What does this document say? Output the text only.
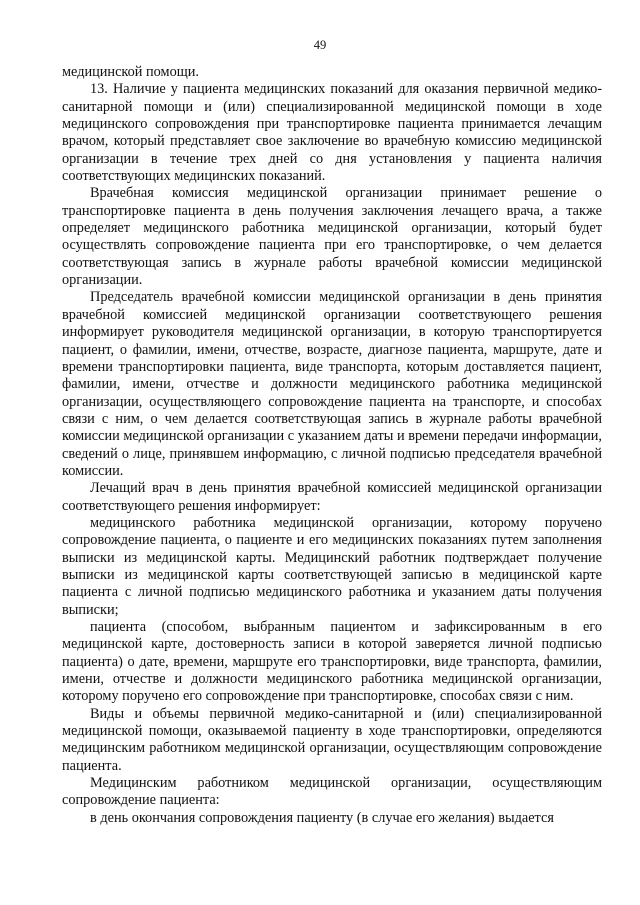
49

медицинской помощи.

13. Наличие у пациента медицинских показаний для оказания первичной медико-санитарной помощи и (или) специализированной медицинской помощи в ходе медицинского сопровождения при транспортировке пациента принимается лечащим врачом, который представляет свое заключение во врачебную комиссию медицинской организации в течение трех дней со дня установления у пациента наличия соответствующих медицинских показаний.

Врачебная комиссия медицинской организации принимает решение о транспортировке пациента в день получения заключения лечащего врача, а также определяет медицинского работника медицинской организации, который будет осуществлять сопровождение пациента при его транспортировке, о чем делается соответствующая запись в журнале работы врачебной комиссии медицинской организации.

Председатель врачебной комиссии медицинской организации в день принятия врачебной комиссией медицинской организации соответствующего решения информирует руководителя медицинской организации, в которую транспортируется пациент, о фамилии, имени, отчестве, возрасте, диагнозе пациента, маршруте, дате и времени транспортировки пациента, виде транспорта, которым доставляется пациент, фамилии, имени, отчестве и должности медицинского работника медицинской организации, осуществляющего сопровождение пациента на транспорте, и способах связи с ним, о чем делается соответствующая запись в журнале работы врачебной комиссии медицинской организации с указанием даты и времени передачи информации, сведений о лице, принявшем информацию, с личной подписью председателя врачебной комиссии.

Лечащий врач в день принятия врачебной комиссией медицинской организации соответствующего решения информирует:

медицинского работника медицинской организации, которому поручено сопровождение пациента, о пациенте и его медицинских показаниях путем заполнения выписки из медицинской карты. Медицинский работник подтверждает получение выписки из медицинской карты соответствующей записью в медицинской карте пациента с личной подписью медицинского работника и указанием даты получения выписки;

пациента (способом, выбранным пациентом и зафиксированным в его медицинской карте, достоверность записи в которой заверяется личной подписью пациента) о дате, времени, маршруте его транспортировки, виде транспорта, фамилии, имени, отчестве и должности медицинского работника медицинской организации, которому поручено его сопровождение при транспортировке, способах связи с ним.

Виды и объемы первичной медико-санитарной и (или) специализированной медицинской помощи, оказываемой пациенту в ходе транспортировки, определяются медицинским работником медицинской организации, осуществляющим сопровождение пациента.

Медицинским работником медицинской организации, осуществляющим сопровождение пациента:

в день окончания сопровождения пациенту (в случае его желания) выдается
